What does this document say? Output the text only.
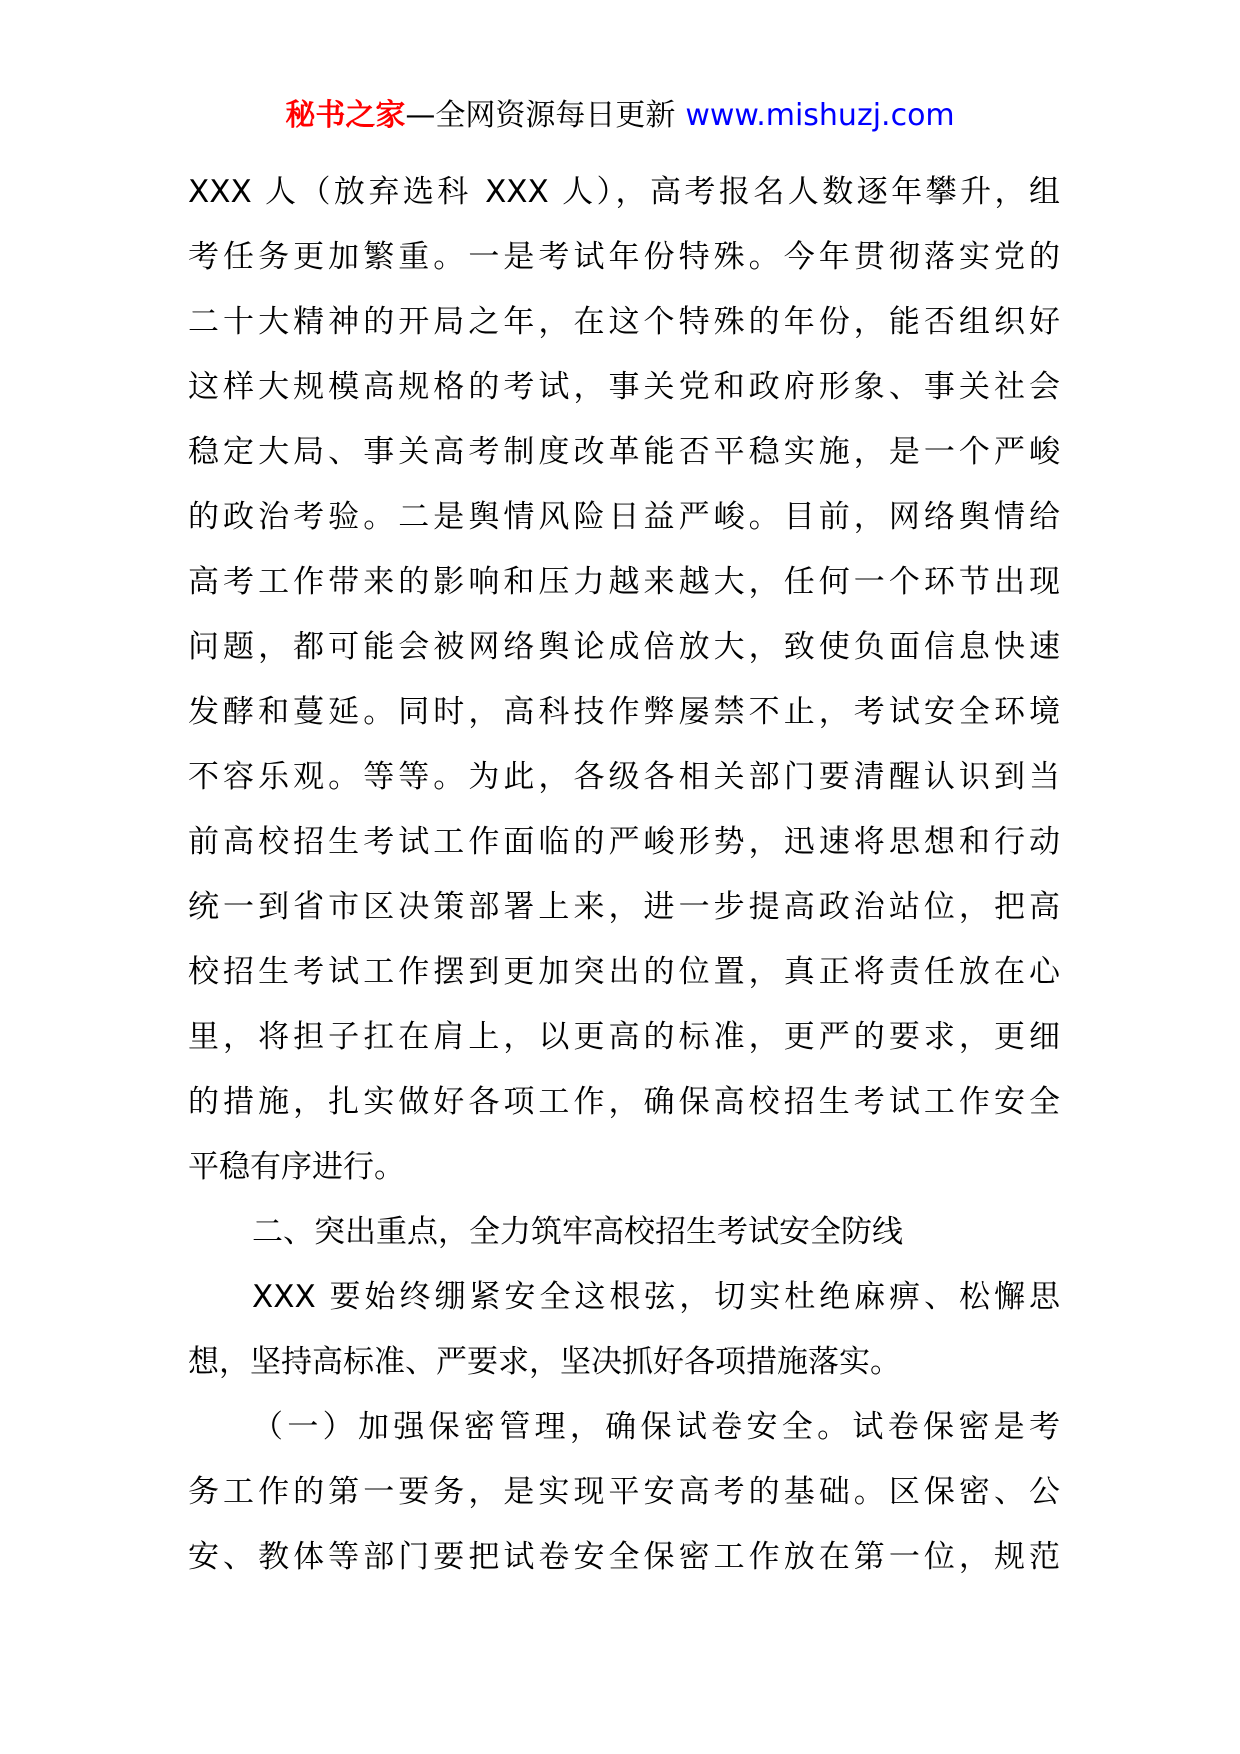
秘书之家—全网资源每日更新 www.mishuzj.com
XXX 人（放弃选科 XXX 人），高考报名人数逐年攀升，组
考任务更加繁重。一是考试年份特殊。今年贯彻落实党的
二十大精神的开局之年，在这个特殊的年份，能否组织好
这样大规模高规格的考试，事关党和政府形象、事关社会
稳定大局、事关高考制度改革能否平稳实施，是一个严峻
的政治考验。二是舆情风险日益严峻。目前，网络舆情给
高考工作带来的影响和压力越来越大，任何一个环节出现
问题，都可能会被网络舆论成倍放大，致使负面信息快速
发酵和蔓延。同时，高科技作弊屡禁不止，考试安全环境
不容乐观。等等。为此，各级各相关部门要清醒认识到当
前高校招生考试工作面临的严峻形势，迅速将思想和行动
统一到省市区决策部署上来，进一步提高政治站位，把高
校招生考试工作摆到更加突出的位置，真正将责任放在心
里，将担子扛在肩上，以更高的标准，更严的要求，更细
的措施，扎实做好各项工作，确保高校招生考试工作安全
平稳有序进行。
二、突出重点，全力筑牢高校招生考试安全防线
XXX 要始终绷紧安全这根弦，切实杜绝麻痹、松懈思
想，坚持高标准、严要求，坚决抓好各项措施落实。
（一）加强保密管理，确保试卷安全。试卷保密是考
务工作的第一要务，是实现平安高考的基础。区保密、公
安、教体等部门要把试卷安全保密工作放在第一位，规范
